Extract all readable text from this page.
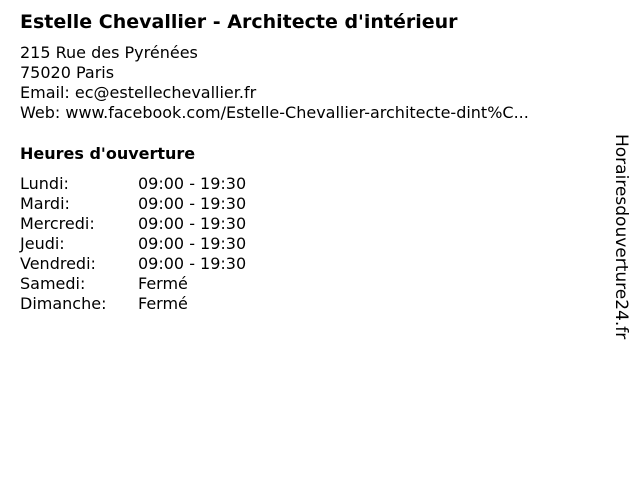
Estelle Chevallier - Architecte d'intérieur
215 Rue des Pyrénées
75020 Paris
Email: ec@estellechevallier.fr
Web: www.facebook.com/Estelle-Chevallier-architecte-dint%C...
Heures d'ouverture
Lundi:	09:00 - 19:30
Mardi:	09:00 - 19:30
Mercredi:	09:00 - 19:30
Jeudi:	09:00 - 19:30
Vendredi:	09:00 - 19:30
Samedi:	Fermé
Dimanche:	Fermé	Horairesdouverture24.fr
